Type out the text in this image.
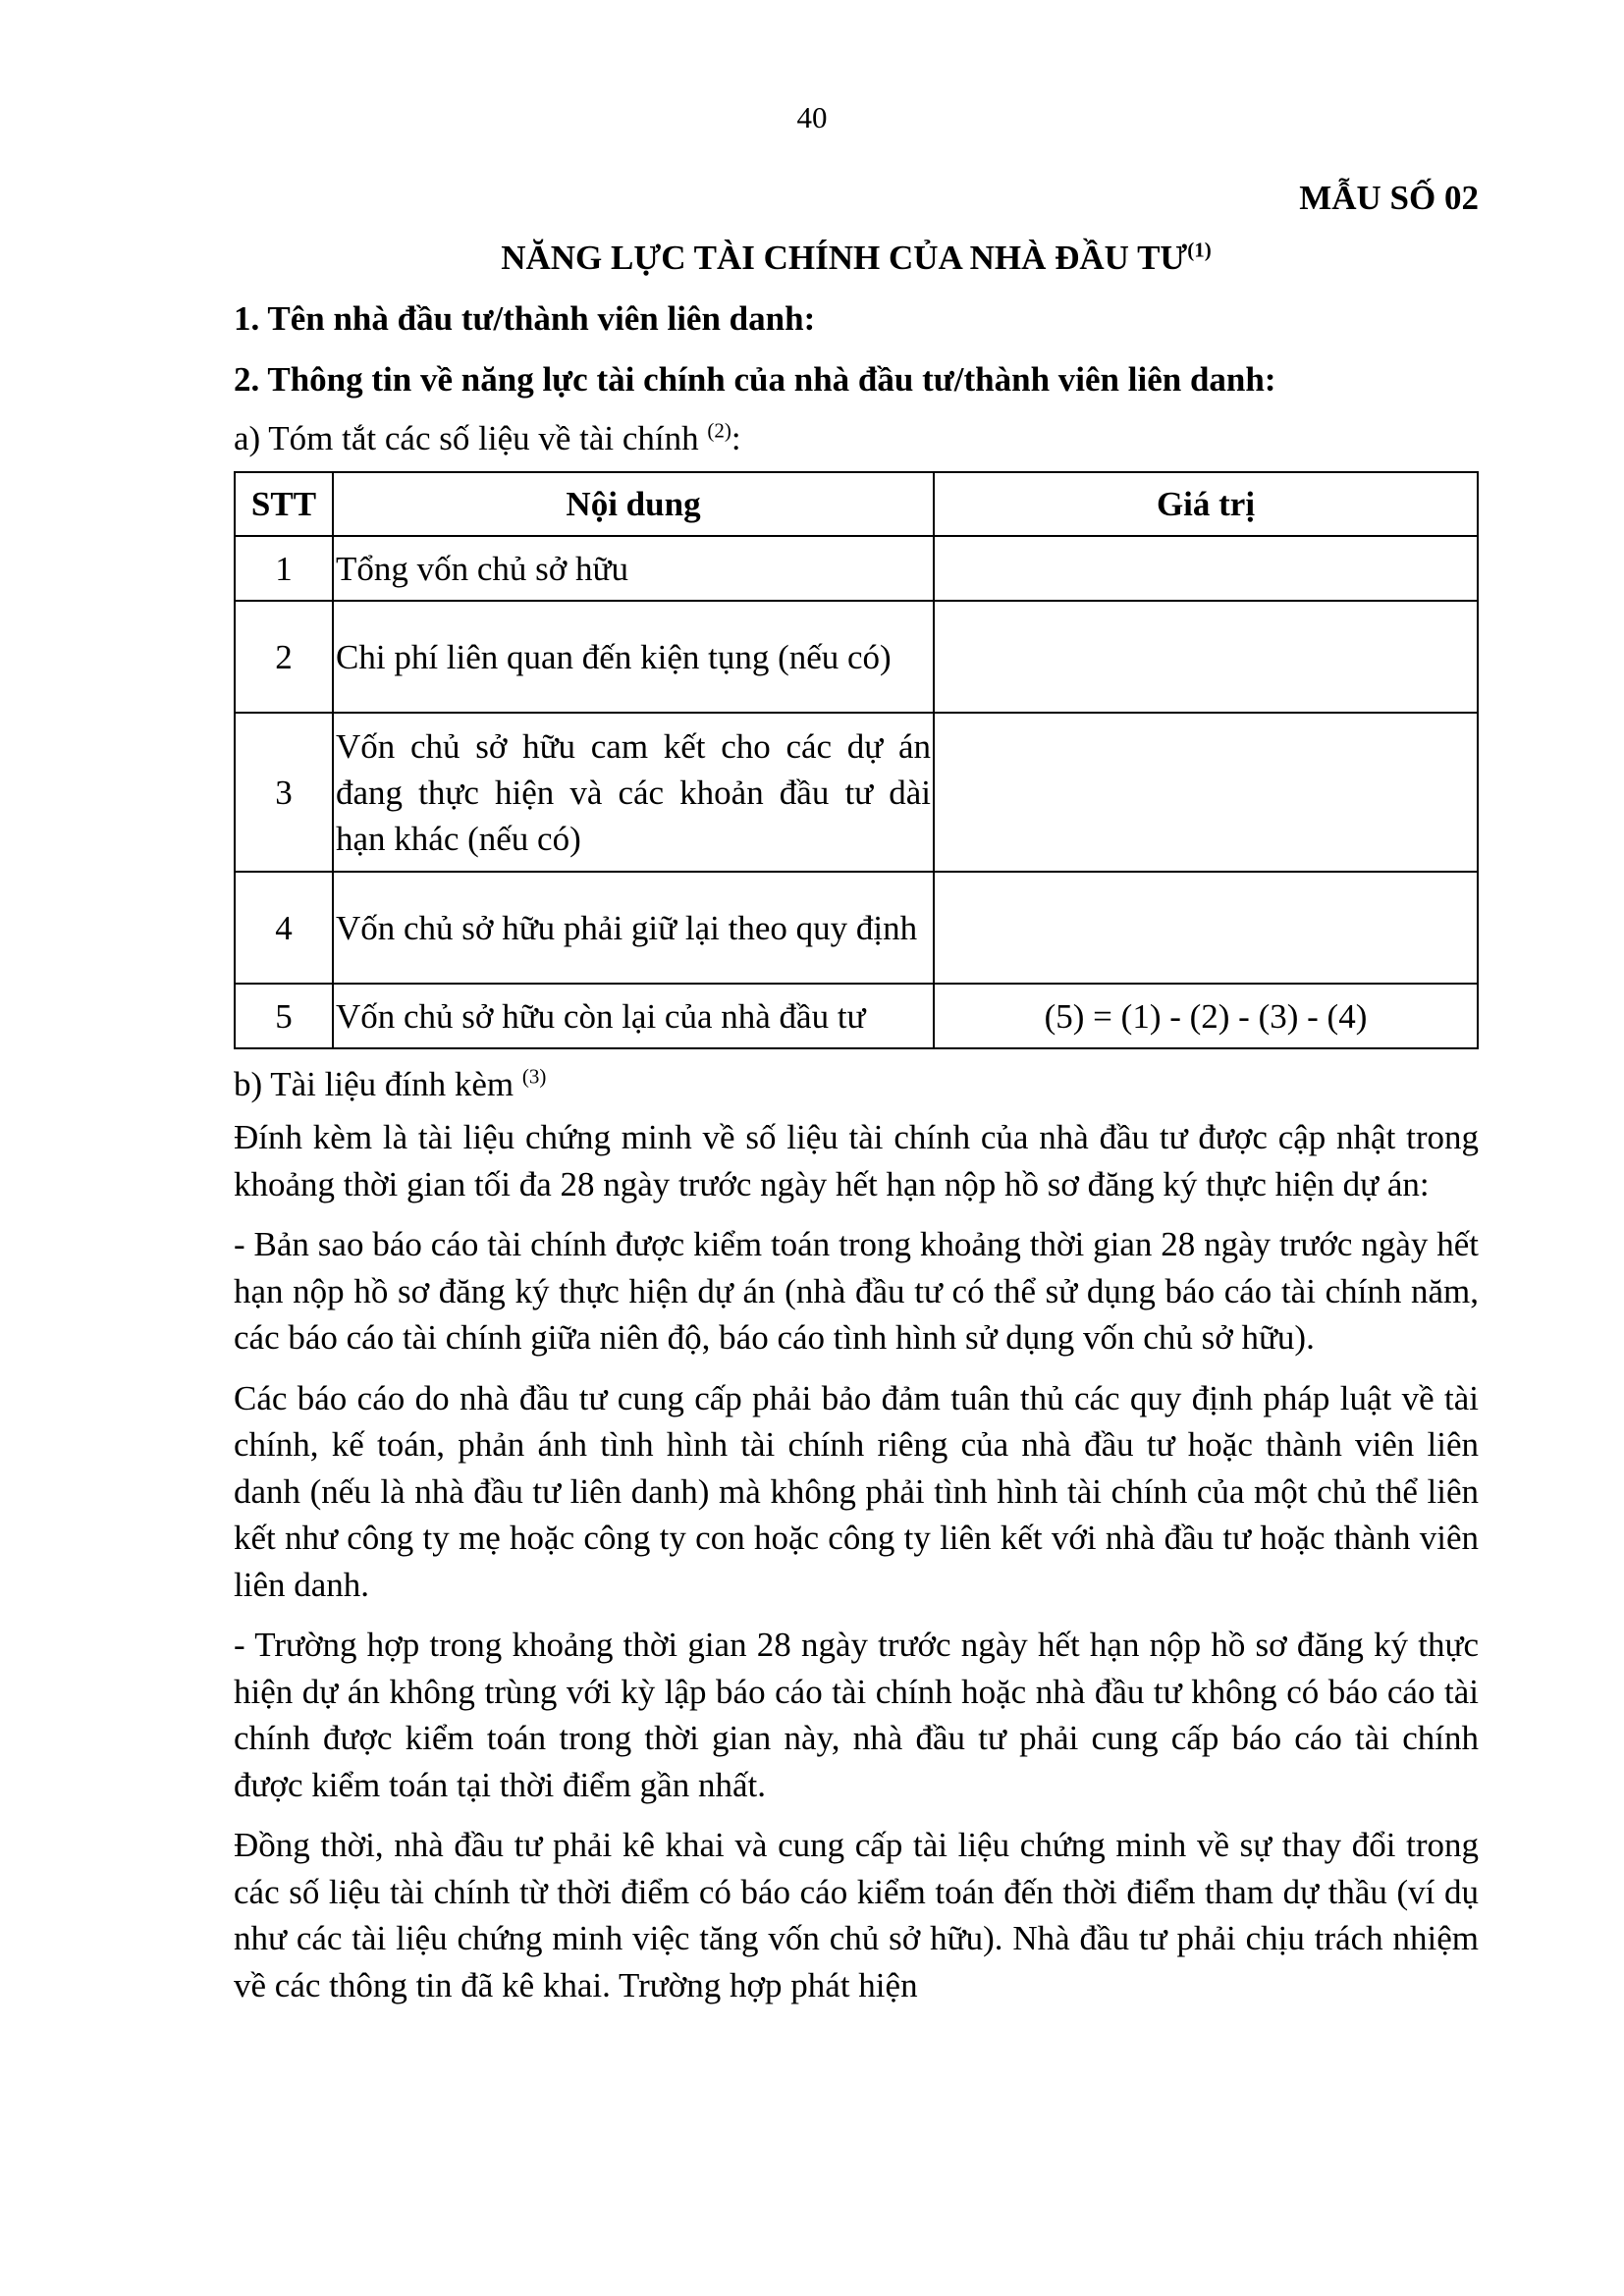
40
MẪU SỐ 02
NĂNG LỰC TÀI CHÍNH CỦA NHÀ ĐẦU TƯ$^{(1)}$
1. Tên nhà đầu tư/thành viên liên danh:
2. Thông tin về năng lực tài chính của nhà đầu tư/thành viên liên danh:
a) Tóm tắt các số liệu về tài chính $^{(2)}$:
STT	Nội dung	Giá trị
1	Tổng vốn chủ sở hữu	
2	Chi phí liên quan đến kiện tụng (nếu có)	
3	Vốn chủ sở hữu cam kết cho các dự án đang thực hiện và các khoản đầu tư dài hạn khác (nếu có)	
4	Vốn chủ sở hữu phải giữ lại theo quy định	
5	Vốn chủ sở hữu còn lại của nhà đầu tư	(5) = (1) - (2) - (3) - (4)
b) Tài liệu đính kèm $^{(3)}$

Đính kèm là tài liệu chứng minh về số liệu tài chính của nhà đầu tư được cập nhật trong khoảng thời gian tối đa 28 ngày trước ngày hết hạn nộp hồ sơ đăng ký thực hiện dự án:

- Bản sao báo cáo tài chính được kiểm toán trong khoảng thời gian 28 ngày trước ngày hết hạn nộp hồ sơ đăng ký thực hiện dự án (nhà đầu tư có thể sử dụng báo cáo tài chính năm, các báo cáo tài chính giữa niên độ, báo cáo tình hình sử dụng vốn chủ sở hữu).

Các báo cáo do nhà đầu tư cung cấp phải bảo đảm tuân thủ các quy định pháp luật về tài chính, kế toán, phản ánh tình hình tài chính riêng của nhà đầu tư hoặc thành viên liên danh (nếu là nhà đầu tư liên danh) mà không phải tình hình tài chính của một chủ thể liên kết như công ty mẹ hoặc công ty con hoặc công ty liên kết với nhà đầu tư hoặc thành viên liên danh.

- Trường hợp trong khoảng thời gian 28 ngày trước ngày hết hạn nộp hồ sơ đăng ký thực hiện dự án không trùng với kỳ lập báo cáo tài chính hoặc nhà đầu tư không có báo cáo tài chính được kiểm toán trong thời gian này, nhà đầu tư phải cung cấp báo cáo tài chính được kiểm toán tại thời điểm gần nhất.

Đồng thời, nhà đầu tư phải kê khai và cung cấp tài liệu chứng minh về sự thay đổi trong các số liệu tài chính từ thời điểm có báo cáo kiểm toán đến thời điểm tham dự thầu (ví dụ như các tài liệu chứng minh việc tăng vốn chủ sở hữu). Nhà đầu tư phải chịu trách nhiệm về các thông tin đã kê khai. Trường hợp phát hiện
